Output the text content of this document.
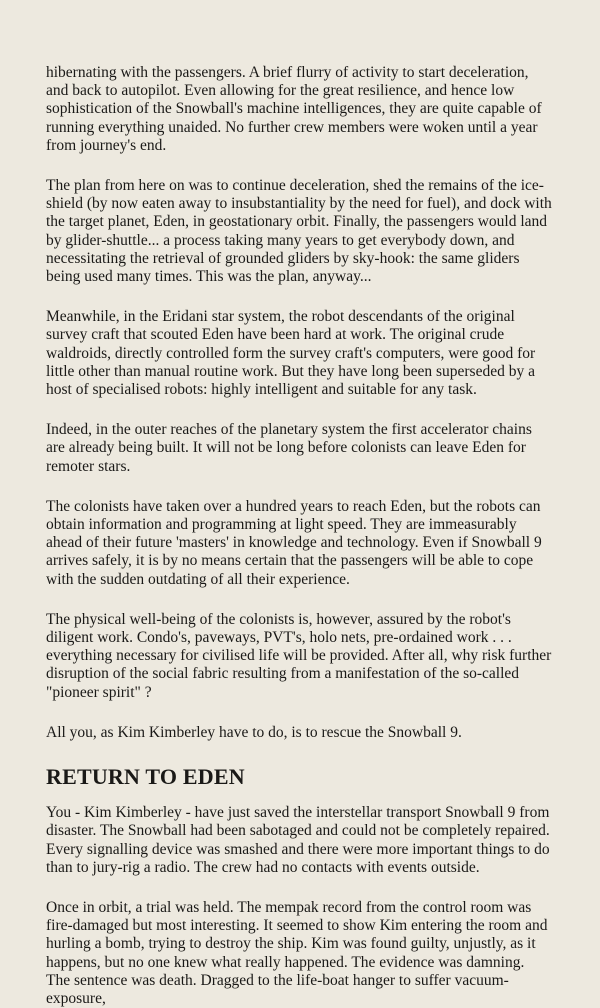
hibernating with the passengers. A brief flurry of activity to start deceleration, and back to autopilot. Even allowing for the great resilience, and hence low sophistication of the Snowball's machine intelligences, they are quite capable of running everything unaided. No further crew members were woken until a year from journey's end.

The plan from here on was to continue deceleration, shed the remains of the ice-shield (by now eaten away to insubstantiality by the need for fuel), and dock with the target planet, Eden, in geostationary orbit. Finally, the passengers would land by glider-shuttle... a process taking many years to get everybody down, and necessitating the retrieval of grounded gliders by sky-hook: the same gliders being used many times. This was the plan, anyway...

Meanwhile, in the Eridani star system, the robot descendants of the original survey craft that scouted Eden have been hard at work. The original crude waldroids, directly controlled form the survey craft's computers, were good for little other than manual routine work. But they have long been superseded by a host of specialised robots: highly intelligent and suitable for any task.

Indeed, in the outer reaches of the planetary system the first accelerator chains are already being built. It will not be long before colonists can leave Eden for remoter stars.

The colonists have taken over a hundred years to reach Eden, but the robots can obtain information and programming at light speed. They are immeasurably ahead of their future 'masters' in knowledge and technology. Even if Snowball 9 arrives safely, it is by no means certain that the passengers will be able to cope with the sudden outdating of all their experience.

The physical well-being of the colonists is, however, assured by the robot's diligent work. Condo's, paveways, PVT's, holo nets, pre-ordained work . . . everything necessary for civilised life will be provided. After all, why risk further disruption of the social fabric resulting from a manifestation of the so-called "pioneer spirit" ?

All you, as Kim Kimberley have to do, is to rescue the Snowball 9.

RETURN TO EDEN

You - Kim Kimberley - have just saved the interstellar transport Snowball 9 from disaster. The Snowball had been sabotaged and could not be completely repaired. Every signalling device was smashed and there were more important things to do than to jury-rig a radio. The crew had no contacts with events outside.

Once in orbit, a trial was held. The mempak record from the control room was fire-damaged but most interesting. It seemed to show Kim entering the room and hurling a bomb, trying to destroy the ship. Kim was found guilty, unjustly, as it happens, but no one knew what really happened. The evidence was damning. The sentence was death. Dragged to the life-boat hanger to suffer vacuum-exposure,
